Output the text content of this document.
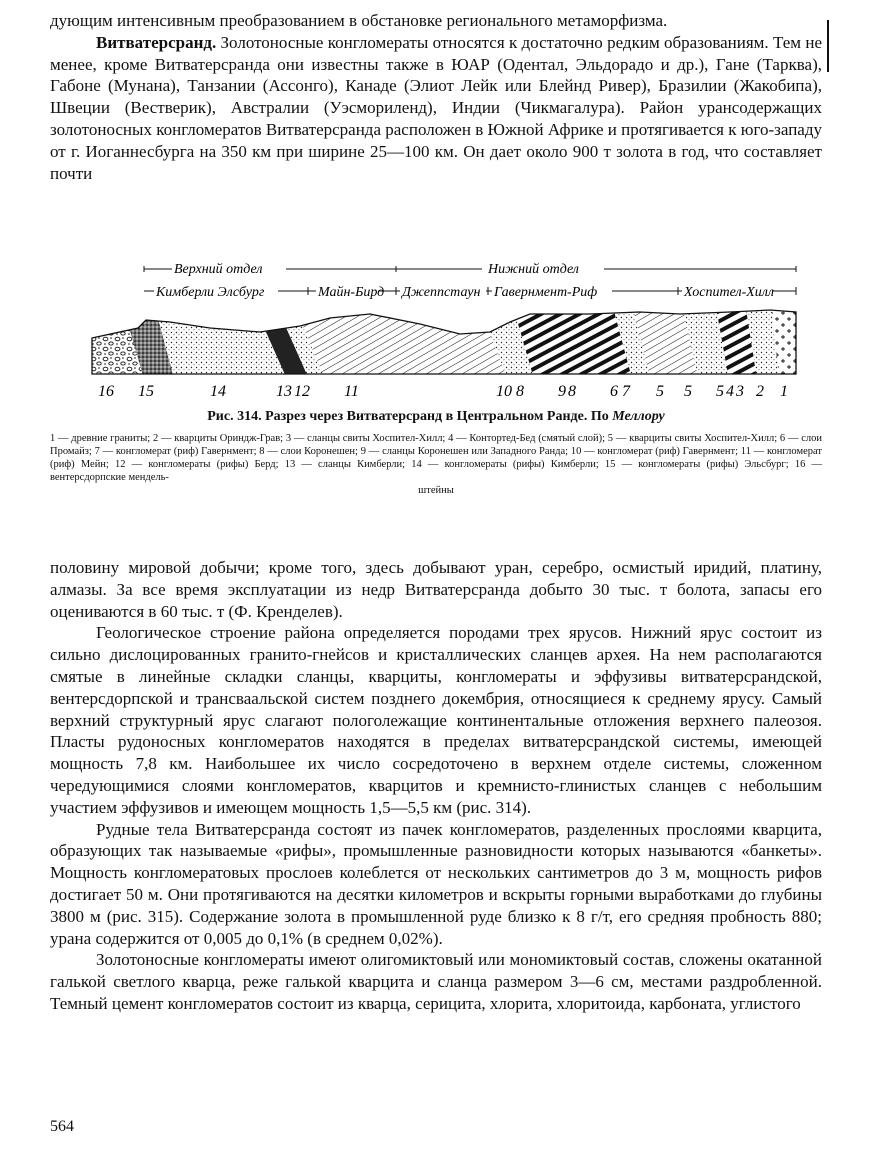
дующим интенсивным преобразованием в обстановке регионального метаморфизма.

Витватерсранд. Золотоносные конгломераты относятся к достаточно редким образованиям. Тем не менее, кроме Витватерсранда они известны также в ЮАР (Одентал, Эльдорадо и др.), Гане (Тарква), Габоне (Мунана), Танзании (Ассонго), Канаде (Элиот Лейк или Блейнд Ривер), Бразилии (Жакобипа), Швеции (Вестверик), Австралии (Уэсмориленд), Индии (Чикмагалура). Район урансодержащих золотоносных конгломератов Витватерсранда расположен в Южной Африке и протягивается к юго-западу от г. Иоганнесбурга на 350 км при ширине 25—100 км. Он дает около 900 т золота в год, что составляет почти

Верхний отдел	Нижний отдел
Кимберли Элсбург	Майн-Бирд Джеппстаун Гавернмент-Риф	Хоспител-Хилл
16 15	14	13 12 11	10 8 9 8 6 7 5 5 5 4 3 2 1
Рис. 314. Разрез через Витватерсранд в Центральном Ранде. По Меллору
1 — древние граниты; 2 — кварциты Ориндж-Грав; 3 — сланцы свиты Хоспител-Хилл; 4 — Контортед-Бед (смятый слой); 5 — кварциты свиты Хоспител-Хилл; 6 — слои Промайз; 7 — конгломерат (риф) Гавернмент; 8 — слои Коронешен; 9 — сланцы Коронешен или Западного Ранда; 10 — конгломерат (риф) Гавернмент; 11 — конгломерат (риф) Мейн; 12 — конгломераты (рифы) Берд; 13 — сланцы Кимберли; 14 — конгломераты (рифы) Кимберли; 15 — конгломераты (рифы) Эльсбург; 16 — вентерсдорпские мендель-
штейны

половину мировой добычи; кроме того, здесь добывают уран, серебро, осмистый иридий, платину, алмазы. За все время эксплуатации из недр Витватерсранда добыто 30 тыс. т болота, запасы его оцениваются в 60 тыс. т (Ф. Кренделев).

Геологическое строение района определяется породами трех ярусов. Нижний ярус состоит из сильно дислоцированных гранито-гнейсов и кристаллических сланцев архея. На нем располагаются смятые в линейные складки сланцы, кварциты, конгломераты и эффузивы витватерсрандской, вентерсдорпской и трансваальской систем позднего докембрия, относящиеся к среднему ярусу. Самый верхний структурный ярус слагают пологолежащие континентальные отложения верхнего палеозоя. Пласты рудоносных конгломератов находятся в пределах витватерсрандской системы, имеющей мощность 7,8 км. Наибольшее их число сосредоточено в верхнем отделе системы, сложенном чередующимися слоями конгломератов, кварцитов и кремнисто-глинистых сланцев с небольшим участием эффузивов и имеющем мощность 1,5—5,5 км (рис. 314).

Рудные тела Витватерсранда состоят из пачек конгломератов, разделенных прослоями кварцита, образующих так называемые «рифы», промышленные разновидности которых называются «банкеты». Мощность конгломератовых прослоев колеблется от нескольких сантиметров до 3 м, мощность рифов достигает 50 м. Они протягиваются на десятки километров и вскрыты горными выработками до глубины 3800 м (рис. 315). Содержание золота в промышленной руде близко к 8 г/т, его средняя пробность 880; урана содержится от 0,005 до 0,1% (в среднем 0,02%).

Золотоносные конгломераты имеют олигомиктовый или мономиктовый состав, сложены окатанной галькой светлого кварца, реже галькой кварцита и сланца размером 3—6 см, местами раздробленной. Темный цемент конгломератов состоит из кварца, серицита, хлорита, хлоритоида, карбоната, углистого

564
